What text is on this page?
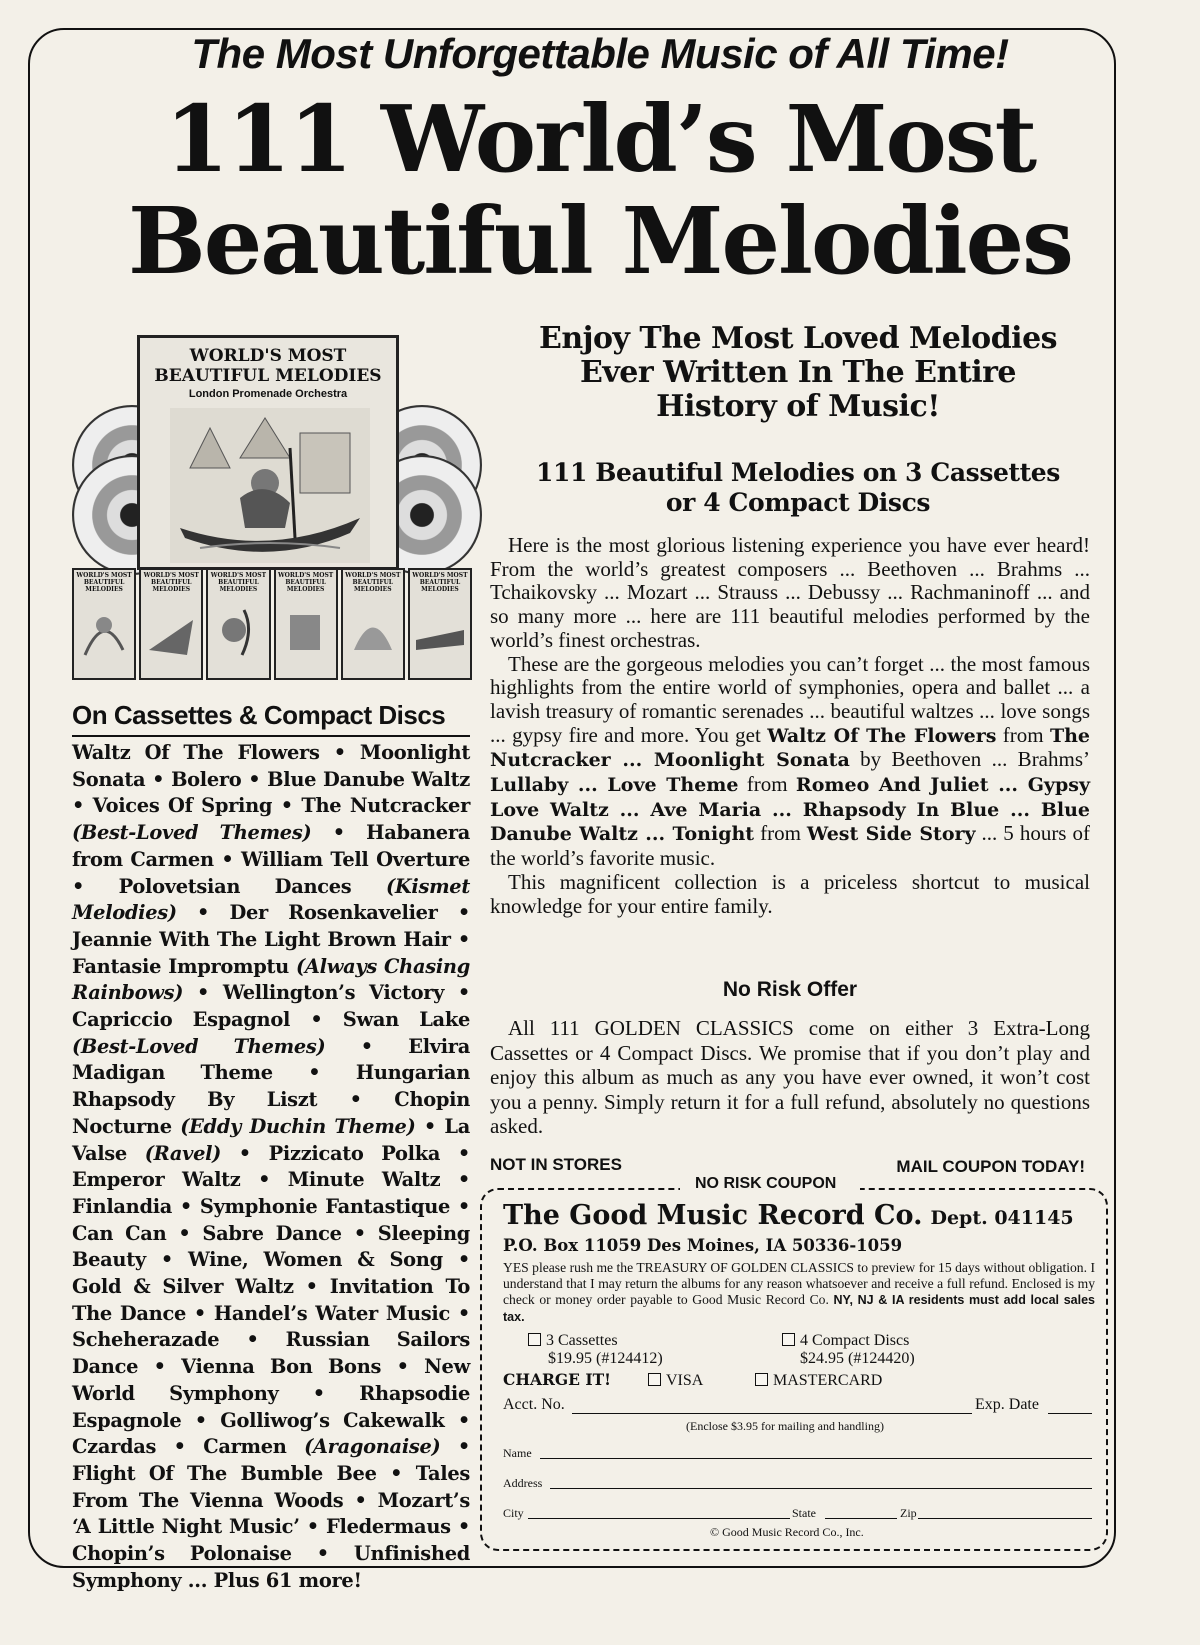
The Most Unforgettable Music of All Time!
111 World’s Most
Beautiful Melodies
WORLD'S MOST
BEAUTIFUL MELODIES
London Promenade Orchestra
WORLD'S MOST BEAUTIFUL MELODIES
WORLD'S MOST BEAUTIFUL MELODIES
WORLD'S MOST BEAUTIFUL MELODIES
WORLD'S MOST BEAUTIFUL MELODIES
WORLD'S MOST BEAUTIFUL MELODIES
WORLD'S MOST BEAUTIFUL MELODIES
On Cassettes & Compact Discs
Waltz Of The Flowers • Moonlight Sonata • Bolero • Blue Danube Waltz • Voices Of Spring • The Nutcracker (Best-Loved Themes) • Habanera from Carmen • William Tell Overture • Polovetsian Dances (Kismet Melodies) • Der Rosenkavelier • Jeannie With The Light Brown Hair • Fantasie Impromptu (Always Chasing Rainbows) • Wellington’s Victory • Capriccio Espagnol • Swan Lake (Best-Loved Themes) • Elvira Madigan Theme • Hungarian Rhapsody By Liszt • Chopin Nocturne (Eddy Duchin Theme) • La Valse (Ravel) • Pizzicato Polka • Emperor Waltz • Minute Waltz • Finlandia • Symphonie Fantastique • Can Can • Sabre Dance • Sleeping Beauty • Wine, Women & Song • Gold & Silver Waltz • Invitation To The Dance • Handel’s Water Music • Scheherazade • Russian Sailors Dance • Vienna Bon Bons • New World Symphony • Rhapsodie Espagnole • Golliwog’s Cakewalk • Czardas • Carmen (Aragonaise) • Flight Of The Bumble Bee • Tales From The Vienna Woods • Mozart’s ‘A Little Night Music’ • Fledermaus • Chopin’s Polonaise • Unfinished Symphony ... Plus 61 more!
Enjoy The Most Loved Melodies
Ever Written In The Entire
History of Music!
111 Beautiful Melodies on 3 Cassettes
or 4 Compact Discs

Here is the most glorious listening experience you have ever heard! From the world’s greatest composers ... Beethoven ... Brahms ... Tchaikovsky ... Mozart ... Strauss ... Debussy ... Rachmaninoff ... and so many more ... here are 111 beautiful melodies performed by the world’s finest orchestras.

These are the gorgeous melodies you can’t forget ... the most famous highlights from the entire world of symphonies, opera and ballet ... a lavish treasury of romantic serenades ... beautiful waltzes ... love songs ... gypsy fire and more. You get Waltz Of The Flowers from The Nutcracker ... Moonlight Sonata by Beethoven ... Brahms’ Lullaby ... Love Theme from Romeo And Juliet ... Gypsy Love Waltz ... Ave Maria ... Rhapsody In Blue ... Blue Danube Waltz ... Tonight from West Side Story ... 5 hours of the world’s favorite music.

This magnificent collection is a priceless shortcut to musical knowledge for your entire family.

No Risk Offer

All 111 GOLDEN CLASSICS come on either 3 Extra-Long Cassettes or 4 Compact Discs. We promise that if you don’t play and enjoy this album as much as any you have ever owned, it won’t cost you a penny. Simply return it for a full refund, absolutely no questions asked.

NOT IN STORES	MAIL COUPON TODAY!
NO RISK COUPON
The Good Music Record Co. Dept. 041145
P.O. Box 11059 Des Moines, IA 50336-1059
YES please rush me the TREASURY OF GOLDEN CLASSICS to preview for 15 days without obligation. I understand that I may return the albums for any reason whatsoever and receive a full refund. Enclosed is my check or money order payable to Good Music Record Co. NY, NJ & IA residents must add local sales tax.
3 Cassettes
$19.95 (#124412)
4 Compact Discs
$24.95 (#124420)
CHARGE IT!	VISA	MASTERCARD
Acct. No.	Exp. Date
(Enclose $3.95 for mailing and handling)
Name
Address
City	State	Zip
© Good Music Record Co., Inc.
